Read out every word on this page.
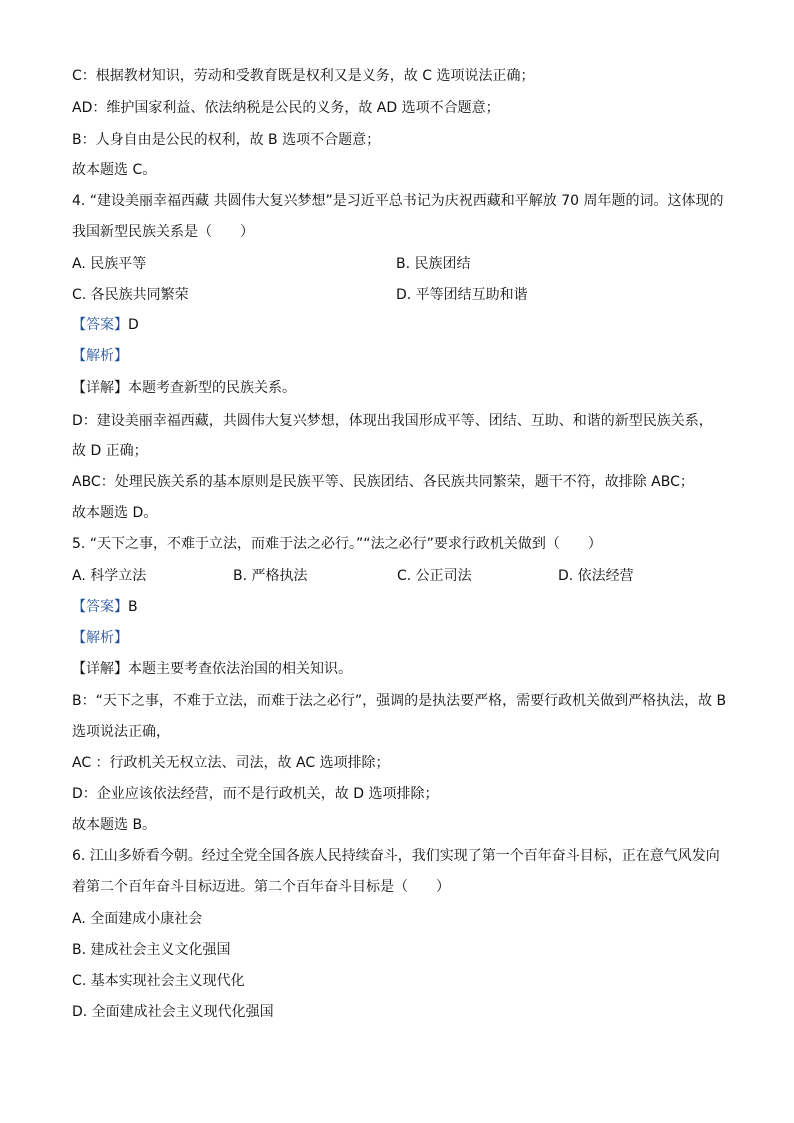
C：根据教材知识，劳动和受教育既是权利又是义务，故 C 选项说法正确；
AD：维护国家利益、依法纳税是公民的义务，故 AD 选项不合题意；
B：人身自由是公民的权利，故 B 选项不合题意；
故本题选 C。
4. “建设美丽幸福西藏 共圆伟大复兴梦想”是习近平总书记为庆祝西藏和平解放 70 周年题的词。这体现的
我国新型民族关系是（　　）
A. 民族平等	B. 民族团结
C. 各民族共同繁荣	D. 平等团结互助和谐
【答案】D
【解析】
【详解】本题考查新型的民族关系。
D：建设美丽幸福西藏，共圆伟大复兴梦想，体现出我国形成平等、团结、互助、和谐的新型民族关系，
故 D 正确；
ABC：处理民族关系的基本原则是民族平等、民族团结、各民族共同繁荣，题干不符，故排除 ABC；
故本题选 D。
5. “天下之事，不难于立法，而难于法之必行。”“法之必行”要求行政机关做到（　　）
A. 科学立法	B. 严格执法	C. 公正司法	D. 依法经营
【答案】B
【解析】
【详解】本题主要考查依法治国的相关知识。
B：“天下之事，不难于立法，而难于法之必行”，强调的是执法要严格，需要行政机关做到严格执法，故 B
选项说法正确，
AC ：行政机关无权立法、司法，故 AC 选项排除；
D：企业应该依法经营，而不是行政机关，故 D 选项排除；
故本题选 B。
6. 江山多娇看今朝。经过全党全国各族人民持续奋斗，我们实现了第一个百年奋斗目标，正在意气风发向
着第二个百年奋斗目标迈进。第二个百年奋斗目标是（　　）
A. 全面建成小康社会
B. 建成社会主义文化强国
C. 基本实现社会主义现代化
D. 全面建成社会主义现代化强国
